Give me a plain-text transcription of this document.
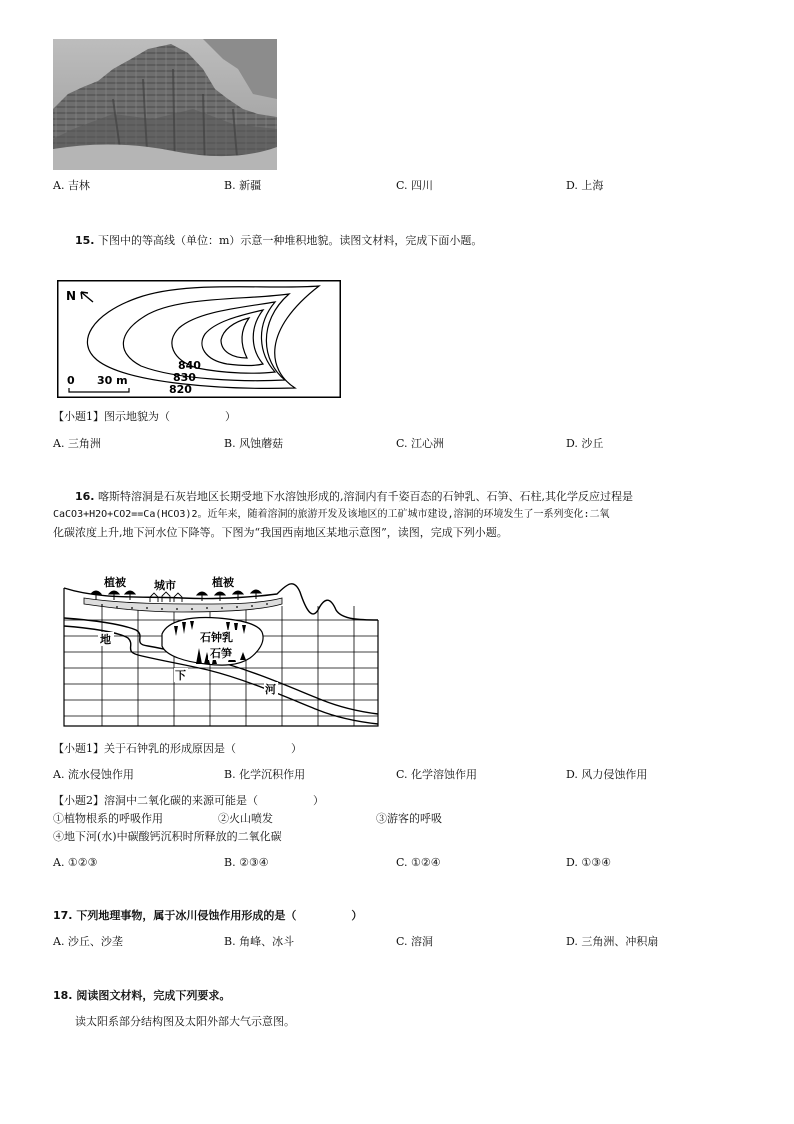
A. 吉林	B. 新疆	C. 四川	D. 上海
15. 下图中的等高线（单位：m）示意一种堆积地貌。读图文材料，完成下面小题。
N
0 30 m
840
830
820
【小题1】图示地貌为（　　　　　）
A. 三角洲	B. 风蚀蘑菇	C. 江心洲	D. 沙丘
16. 喀斯特溶洞是石灰岩地区长期受地下水溶蚀形成的,溶洞内有千姿百态的石钟乳、石笋、石柱,其化学反应过程是
CaCO3+H2O+CO2==Ca(HCO3)2。近年来，随着溶洞的旅游开发及该地区的工矿城市建设,溶洞的环境发生了一系列变化:二氧
化碳浓度上升,地下河水位下降等。下图为“我国西南地区某地示意图”，读图，完成下列小题。
植被	城市	植被
地	石钟乳
石笋
下
河
【小题1】关于石钟乳的形成原因是（　　　　　）
A. 流水侵蚀作用	B. 化学沉积作用	C. 化学溶蚀作用	D. 风力侵蚀作用
【小题2】溶洞中二氧化碳的来源可能是（　　　　　）
①植物根系的呼吸作用	②火山喷发	③游客的呼吸
④地下河(水)中碳酸钙沉积时所释放的二氧化碳
A. ①②③	B. ②③④	C. ①②④	D. ①③④
17. 下列地理事物，属于冰川侵蚀作用形成的是（　　　　　）
A. 沙丘、沙垄	B. 角峰、冰斗	C. 溶洞	D. 三角洲、冲积扇
18. 阅读图文材料，完成下列要求。
读太阳系部分结构图及太阳外部大气示意图。
